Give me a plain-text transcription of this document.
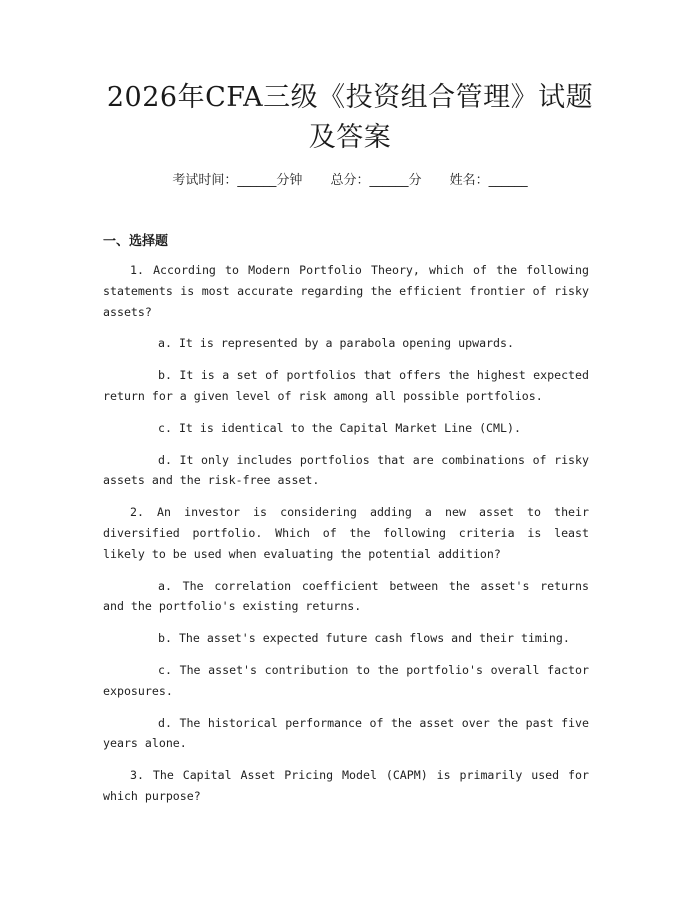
2026年CFA三级《投资组合管理》试题及答案
考试时间：______分钟 总分：______分 姓名：______
一、选择题

1. According to Modern Portfolio Theory, which of the following statements is most accurate regarding the efficient frontier of risky assets?

a. It is represented by a parabola opening upwards.

b. It is a set of portfolios that offers the highest expected return for a given level of risk among all possible portfolios.

c. It is identical to the Capital Market Line (CML).

d. It only includes portfolios that are combinations of risky assets and the risk-free asset.

2. An investor is considering adding a new asset to their diversified portfolio. Which of the following criteria is least likely to be used when evaluating the potential addition?

a. The correlation coefficient between the asset's returns and the portfolio's existing returns.

b. The asset's expected future cash flows and their timing.

c. The asset's contribution to the portfolio's overall factor exposures.

d. The historical performance of the asset over the past five years alone.

3. The Capital Asset Pricing Model (CAPM) is primarily used for which purpose?
